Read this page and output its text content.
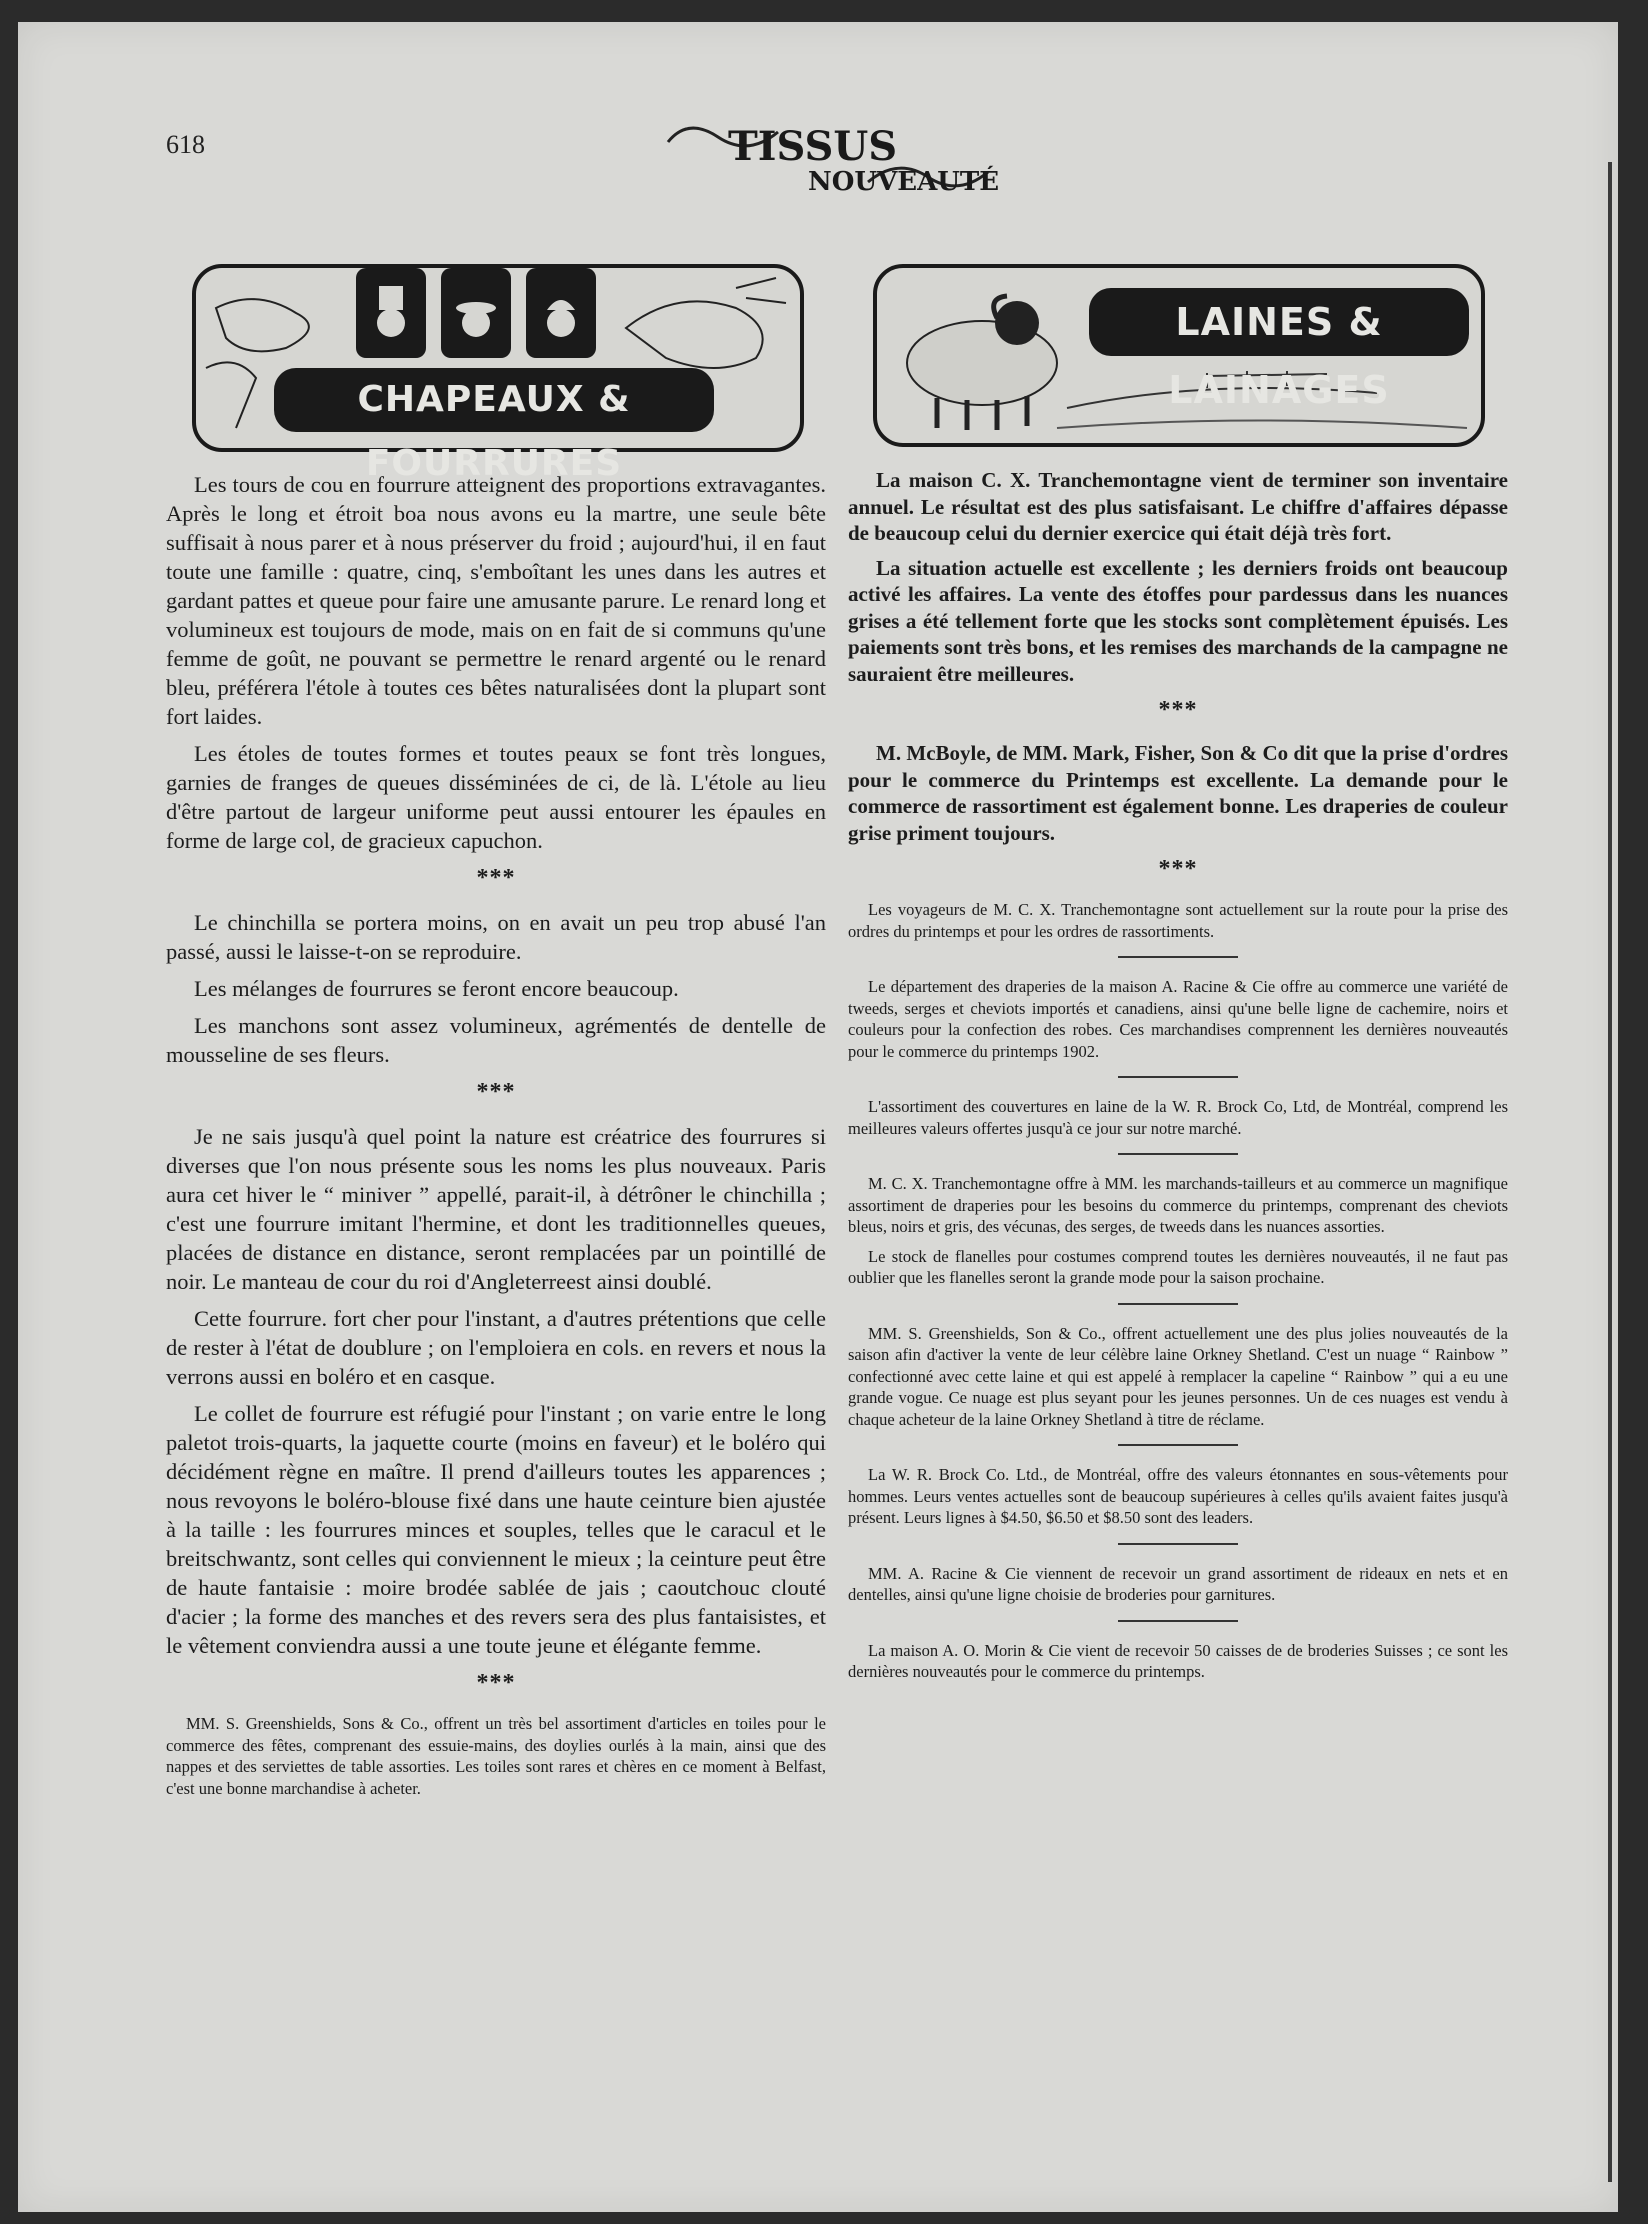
618	TISSUS
NOUVEAUTÉS
CHAPEAUX & FOURRURES
LAINES & LAINAGES

Les tours de cou en fourrure atteignent des proportions extravagantes. Après le long et étroit boa nous avons eu la martre, une seule bête suffisait à nous parer et à nous préserver du froid ; aujourd'hui, il en faut toute une famille : quatre, cinq, s'emboîtant les unes dans les autres et gardant pattes et queue pour faire une amusante parure. Le renard long et volumineux est toujours de mode, mais on en fait de si communs qu'une femme de goût, ne pouvant se permettre le renard argenté ou le renard bleu, préférera l'étole à toutes ces bêtes naturalisées dont la plupart sont fort laides.

Les étoles de toutes formes et toutes peaux se font très longues, garnies de franges de queues disséminées de ci, de là. L'étole au lieu d'être partout de largeur uniforme peut aussi entourer les épaules en forme de large col, de gracieux capuchon.

***

Le chinchilla se portera moins, on en avait un peu trop abusé l'an passé, aussi le laisse-t-on se reproduire.

Les mélanges de fourrures se feront encore beaucoup.

Les manchons sont assez volumineux, agrémentés de dentelle de mousseline de ses fleurs.

***

Je ne sais jusqu'à quel point la nature est créatrice des fourrures si diverses que l'on nous présente sous les noms les plus nouveaux. Paris aura cet hiver le “ miniver ” appellé, parait-il, à détrôner le chinchilla ; c'est une fourrure imitant l'hermine, et dont les traditionnelles queues, placées de distance en distance, seront remplacées par un pointillé de noir. Le manteau de cour du roi d'Angleterreest ainsi doublé.

Cette fourrure. fort cher pour l'instant, a d'autres prétentions que celle de rester à l'état de doublure ; on l'emploiera en cols. en revers et nous la verrons aussi en boléro et en casque.

Le collet de fourrure est réfugié pour l'instant ; on varie entre le long paletot trois-quarts, la jaquette courte (moins en faveur) et le boléro qui décidément règne en maître. Il prend d'ailleurs toutes les apparences ; nous revoyons le boléro-blouse fixé dans une haute ceinture bien ajustée à la taille : les fourrures minces et souples, telles que le caracul et le breitschwantz, sont celles qui conviennent le mieux ; la ceinture peut être de haute fantaisie : moire brodée sablée de jais ; caoutchouc clouté d'acier ; la forme des manches et des revers sera des plus fantaisistes, et le vêtement conviendra aussi a une toute jeune et élégante femme.

***

MM. S. Greenshields, Sons & Co., offrent un très bel assortiment d'articles en toiles pour le commerce des fêtes, comprenant des essuie-mains, des doylies ourlés à la main, ainsi que des nappes et des serviettes de table assorties. Les toiles sont rares et chères en ce moment à Belfast, c'est une bonne marchandise à acheter.

La maison C. X. Tranchemontagne vient de terminer son inventaire annuel. Le résultat est des plus satisfaisant. Le chiffre d'affaires dépasse de beaucoup celui du dernier exercice qui était déjà très fort.

La situation actuelle est excellente ; les derniers froids ont beaucoup activé les affaires. La vente des étoffes pour pardessus dans les nuances grises a été tellement forte que les stocks sont complètement épuisés. Les paiements sont très bons, et les remises des marchands de la campagne ne sauraient être meilleures.

***

M. McBoyle, de MM. Mark, Fisher, Son & Co dit que la prise d'ordres pour le commerce du Printemps est excellente. La demande pour le commerce de rassortiment est également bonne. Les draperies de couleur grise priment toujours.

***

Les voyageurs de M. C. X. Tranchemontagne sont actuellement sur la route pour la prise des ordres du printemps et pour les ordres de rassortiments.

Le département des draperies de la maison A. Racine & Cie offre au commerce une variété de tweeds, serges et cheviots importés et canadiens, ainsi qu'une belle ligne de cachemire, noirs et couleurs pour la confection des robes. Ces marchandises comprennent les dernières nouveautés pour le commerce du printemps 1902.

L'assortiment des couvertures en laine de la W. R. Brock Co, Ltd, de Montréal, comprend les meilleures valeurs offertes jusqu'à ce jour sur notre marché.

M. C. X. Tranchemontagne offre à MM. les marchands-tailleurs et au commerce un magnifique assortiment de draperies pour les besoins du commerce du printemps, comprenant des cheviots bleus, noirs et gris, des vécunas, des serges, de tweeds dans les nuances assorties.

Le stock de flanelles pour costumes comprend toutes les dernières nouveautés, il ne faut pas oublier que les flanelles seront la grande mode pour la saison prochaine.

MM. S. Greenshields, Son & Co., offrent actuellement une des plus jolies nouveautés de la saison afin d'activer la vente de leur célèbre laine Orkney Shetland. C'est un nuage “ Rainbow ” confectionné avec cette laine et qui est appelé à remplacer la capeline “ Rainbow ” qui a eu une grande vogue. Ce nuage est plus seyant pour les jeunes personnes. Un de ces nuages est vendu à chaque acheteur de la laine Orkney Shetland à titre de réclame.

La W. R. Brock Co. Ltd., de Montréal, offre des valeurs étonnantes en sous-vêtements pour hommes. Leurs ventes actuelles sont de beaucoup supérieures à celles qu'ils avaient faites jusqu'à présent. Leurs lignes à $4.50, $6.50 et $8.50 sont des leaders.

MM. A. Racine & Cie viennent de recevoir un grand assortiment de rideaux en nets et en dentelles, ainsi qu'une ligne choisie de broderies pour garnitures.

La maison A. O. Morin & Cie vient de recevoir 50 caisses de de broderies Suisses ; ce sont les dernières nouveautés pour le commerce du printemps.
